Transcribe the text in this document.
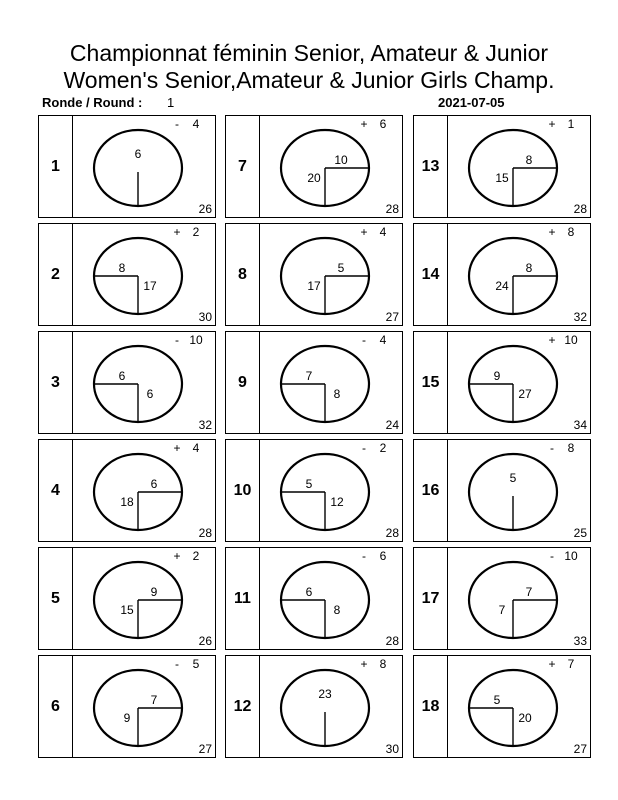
Championnat féminin Senior, Amateur & Junior
Women's Senior,Amateur & Junior Girls Champ.
Ronde / Round : 1	2021-07-05
1
-	4
26
6
2
+	2
30
8
17
3
- 10
32
6
6
4
+	4
28
6
18
5
+	2
26
9
15
6
-	5
27
7
9
7
+	6
28
10
20
8
+	4
27
5
17
9
-	4
24
7
8
10
-	2
28
5
12
11
-	6
28
6
8
12
+	8
30
23
13
+	1
28
8
15
14
+	8
32
8
24
15
+ 10
34
9
27
16
-	8
25
5
17
- 10
33
7
7
18
+	7
27
5
20
